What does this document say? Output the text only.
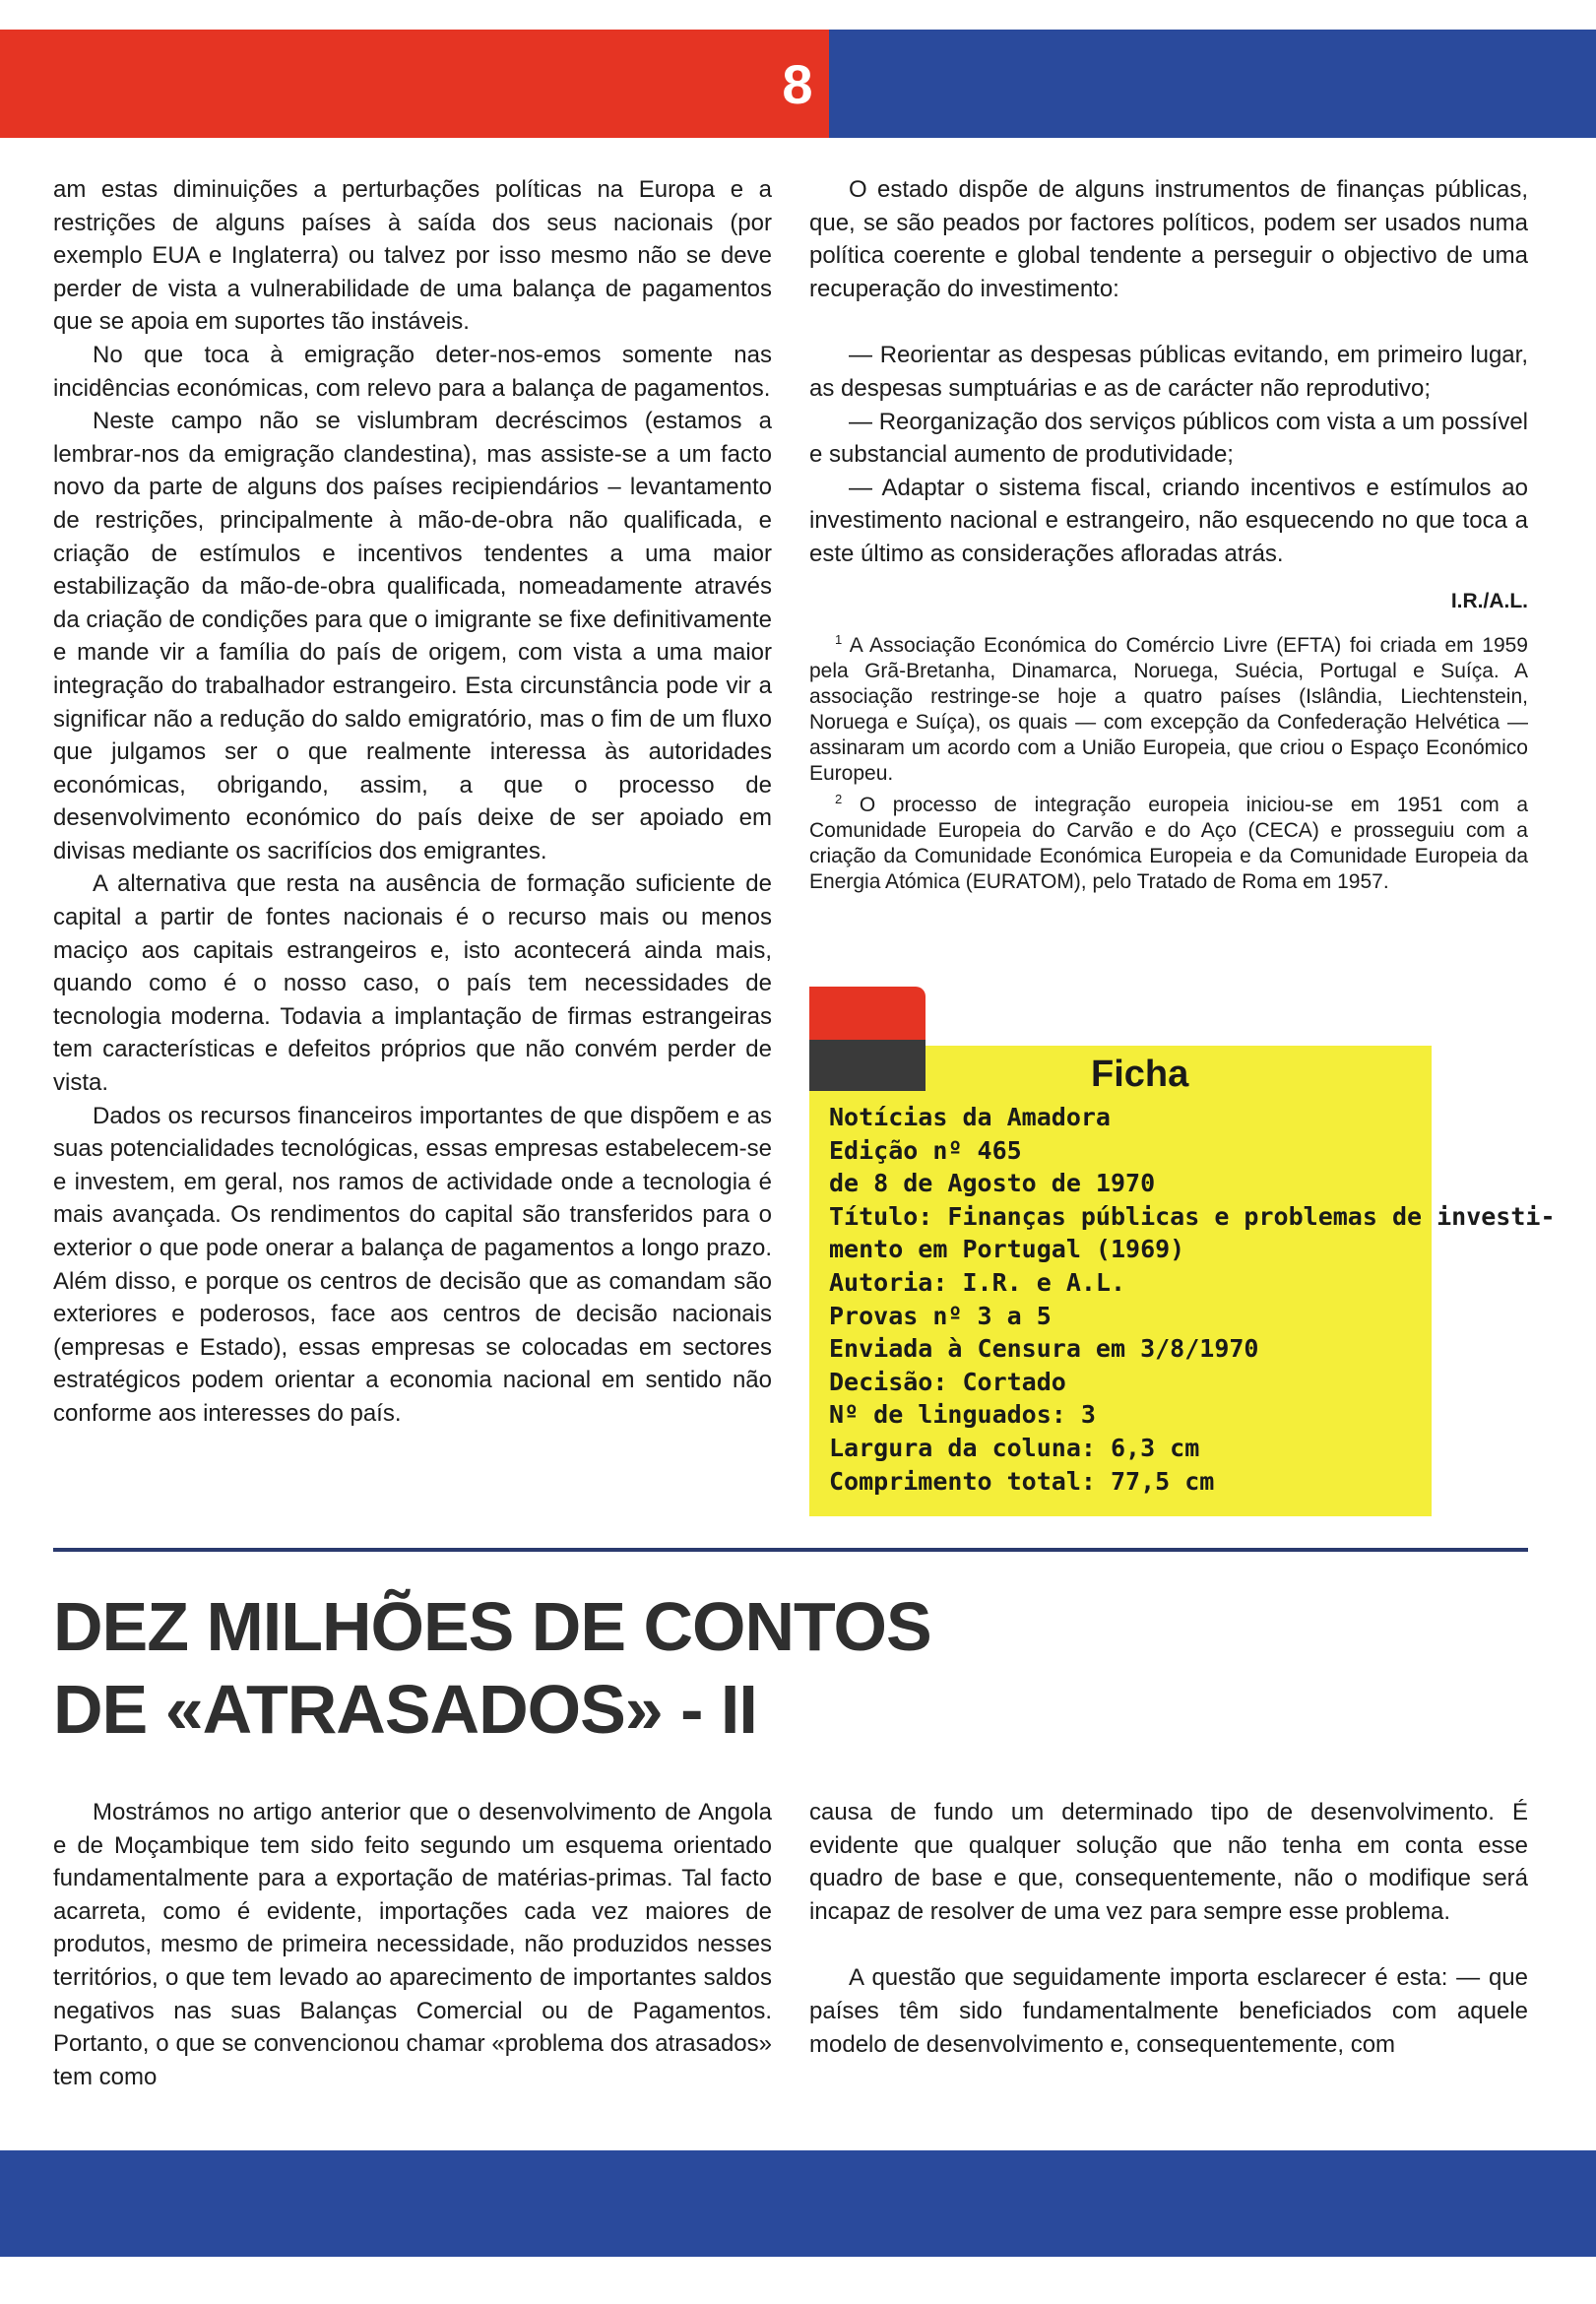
8

am estas diminuições a perturbações políticas na Europa e a restrições de alguns países à saída dos seus nacionais (por exemplo EUA e Inglaterra) ou talvez por isso mesmo não se deve perder de vista a vulnerabilidade de uma balança de pagamentos que se apoia em suportes tão instáveis.

No que toca à emigração deter-nos-emos somente nas incidências económicas, com relevo para a balança de pagamentos.

Neste campo não se vislumbram decréscimos (estamos a lembrar-nos da emigração clandestina), mas assiste-se a um facto novo da parte de alguns dos países recipiendários – levantamento de restrições, principalmente à mão-de-obra não qualificada, e criação de estímulos e incentivos tendentes a uma maior estabilização da mão-de-obra qualificada, nomeadamente através da criação de condições para que o imigrante se fixe definitivamente e mande vir a família do país de origem, com vista a uma maior integração do trabalhador estrangeiro. Esta circunstância pode vir a significar não a redução do saldo emigratório, mas o fim de um fluxo que julgamos ser o que realmente interessa às autoridades económicas, obrigando, assim, a que o processo de desenvolvimento económico do país deixe de ser apoiado em divisas mediante os sacrifícios dos emigrantes.

A alternativa que resta na ausência de formação suficiente de capital a partir de fontes nacionais é o recurso mais ou menos maciço aos capitais estrangeiros e, isto acontecerá ainda mais, quando como é o nosso caso, o país tem necessidades de tecnologia moderna. Todavia a implantação de firmas estrangeiras tem características e defeitos próprios que não convém perder de vista.

Dados os recursos financeiros importantes de que dispõem e as suas potencialidades tecnológicas, essas empresas estabelecem-se e investem, em geral, nos ramos de actividade onde a tecnologia é mais avançada. Os rendimentos do capital são transferidos para o exterior o que pode onerar a balança de pagamentos a longo prazo. Além disso, e porque os centros de decisão que as comandam são exteriores e poderosos, face aos centros de decisão nacionais (empresas e Estado), essas empresas se colocadas em sectores estratégicos podem orientar a economia nacional em sentido não conforme aos interesses do país.

O estado dispõe de alguns instrumentos de finanças públicas, que, se são peados por factores políticos, podem ser usados numa política coerente e global tendente a perseguir o objectivo de uma recuperação do investimento:

— Reorientar as despesas públicas evitando, em primeiro lugar, as despesas sumptuárias e as de carácter não reprodutivo;

— Reorganização dos serviços públicos com vista a um possível e substancial aumento de produtividade;

— Adaptar o sistema fiscal, criando incentivos e estímulos ao investimento nacional e estrangeiro, não esquecendo no que toca a este último as considerações afloradas atrás.

I.R./A.L.

$^1$ A Associação Económica do Comércio Livre (EFTA) foi criada em 1959 pela Grã-Bretanha, Dinamarca, Noruega, Suécia, Portugal e Suíça. A associação restringe-se hoje a quatro países (Islândia, Liechtenstein, Noruega e Suíça), os quais — com excepção da Confederação Helvética — assinaram um acordo com a União Europeia, que criou o Espaço Económico Europeu.

$^2$ O processo de integração europeia iniciou-se em 1951 com a Comunidade Europeia do Carvão e do Aço (CECA) e prosseguiu com a criação da Comunidade Económica Europeia e da Comunidade Europeia da Energia Atómica (EURATOM), pelo Tratado de Roma em 1957.

Ficha
Notícias da Amadora
Edição nº 465
de 8 de Agosto de 1970
Título: Finanças públicas e problemas de investi-
mento em Portugal (1969)
Autoria: I.R. e A.L.
Provas nº 3 a 5
Enviada à Censura em 3/8/1970
Decisão: Cortado
Nº de linguados: 3
Largura da coluna: 6,3 cm
Comprimento total: 77,5 cm
DEZ MILHÕES DE CONTOS
DE «ATRASADOS» - II

Mostrámos no artigo anterior que o desenvolvimento de Angola e de Moçambique tem sido feito segundo um esquema orientado fundamentalmente para a exportação de matérias-primas. Tal facto acarreta, como é evidente, importações cada vez maiores de produtos, mesmo de primeira necessidade, não produzidos nesses territórios, o que tem levado ao aparecimento de importantes saldos negativos nas suas Balanças Comercial ou de Pagamentos. Portanto, o que se convencionou chamar «problema dos atrasados» tem como

causa de fundo um determinado tipo de desenvolvimento. É evidente que qualquer solução que não tenha em conta esse quadro de base e que, consequentemente, não o modifique será incapaz de resolver de uma vez para sempre esse problema.

A questão que seguidamente importa esclarecer é esta: — que países têm sido fundamentalmente beneficiados com aquele modelo de desenvolvimento e, consequentemente, com
